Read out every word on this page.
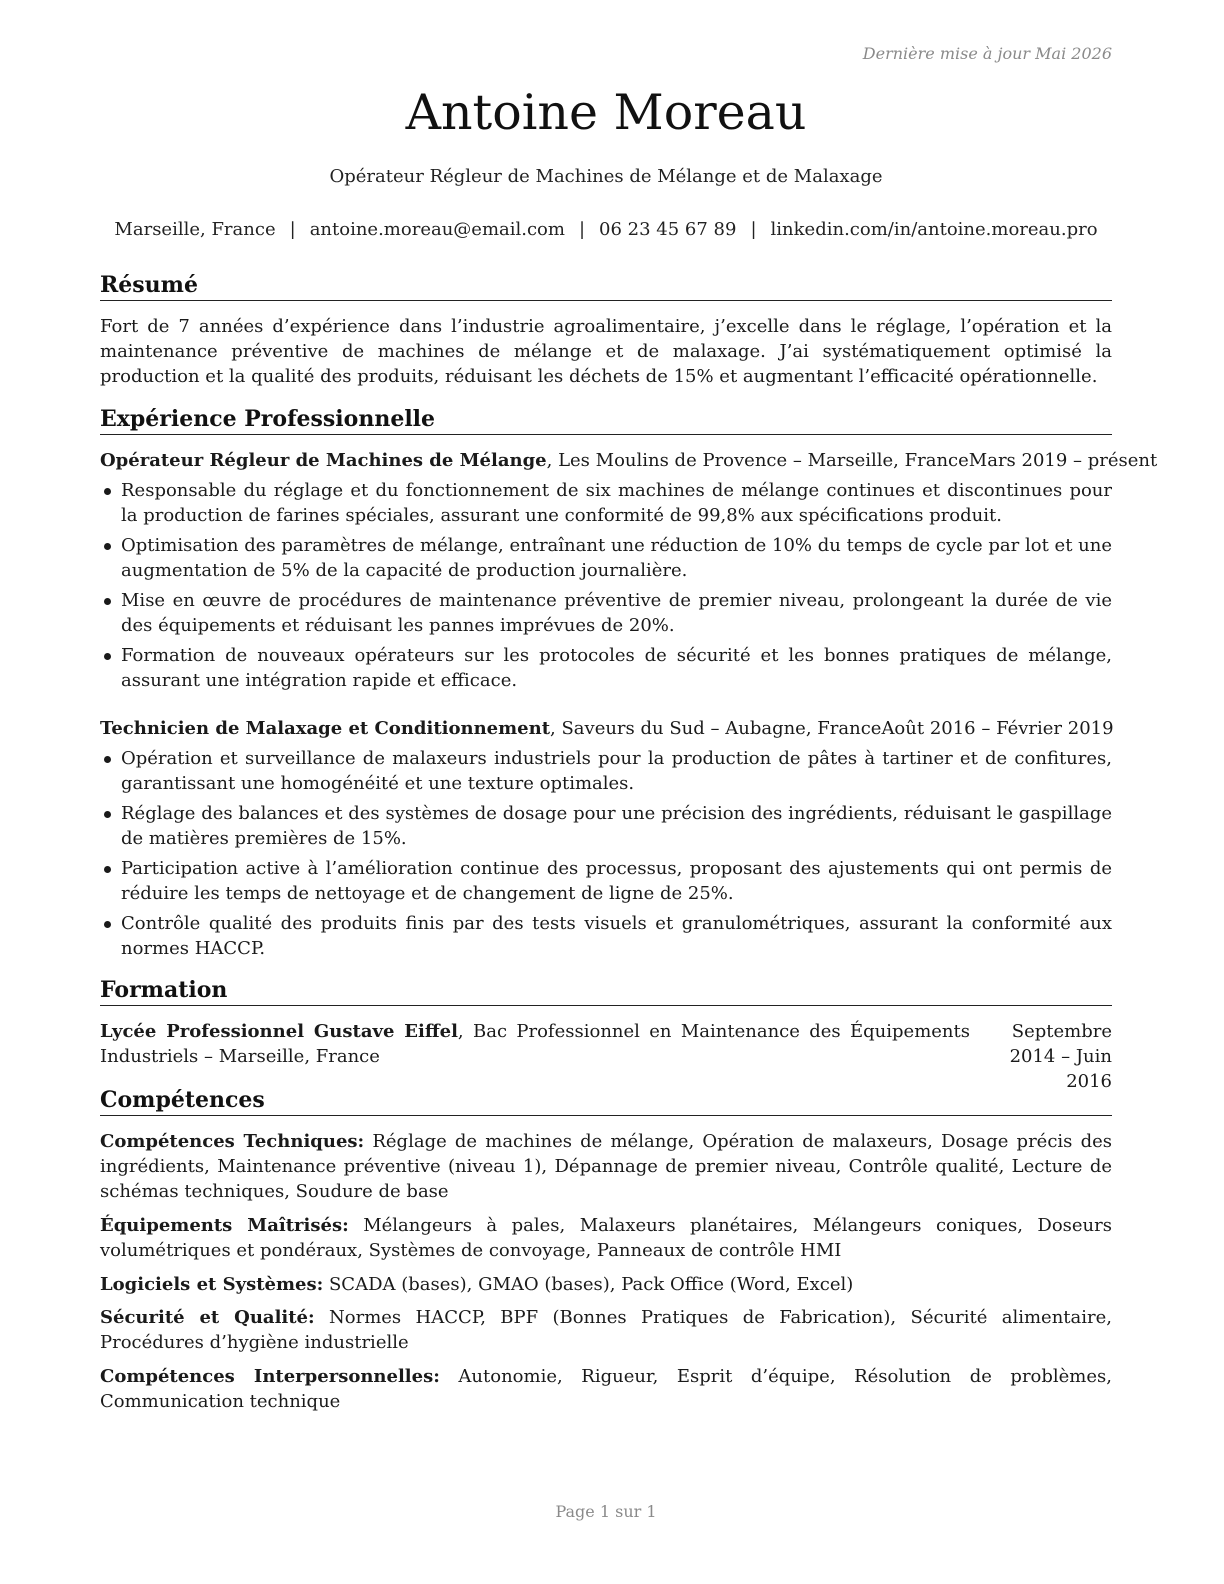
Dernière mise à jour Mai 2026
Antoine Moreau
Opérateur Régleur de Machines de Mélange et de Malaxage
Marseille, France | antoine.moreau@email.com | 06 23 45 67 89 | linkedin.com/in/antoine.moreau.pro
Résumé
Fort de 7 années d’expérience dans l’industrie agroalimentaire, j’excelle dans le réglage, l’opération et la maintenance préventive de machines de mélange et de malaxage. J’ai systématiquement optimisé la production et la qualité des produits, réduisant les déchets de 15% et augmentant l’efficacité opérationnelle.
Expérience Professionnelle
Opérateur Régleur de Machines de Mélange, Les Moulins de Provence – Marseille, France Mars 2019 – présent
Responsable du réglage et du fonctionnement de six machines de mélange continues et discontinues pour la production de farines spéciales, assurant une conformité de 99,8% aux spécifications produit.
Optimisation des paramètres de mélange, entraînant une réduction de 10% du temps de cycle par lot et une augmentation de 5% de la capacité de production journalière.
Mise en œuvre de procédures de maintenance préventive de premier niveau, prolongeant la durée de vie des équipements et réduisant les pannes imprévues de 20%.
Formation de nouveaux opérateurs sur les protocoles de sécurité et les bonnes pratiques de mélange, assurant une intégration rapide et efficace.
Technicien de Malaxage et Conditionnement, Saveurs du Sud – Aubagne, France Août 2016 – Février 2019
Opération et surveillance de malaxeurs industriels pour la production de pâtes à tartiner et de confitures, garantissant une homogénéité et une texture optimales.
Réglage des balances et des systèmes de dosage pour une précision des ingrédients, réduisant le gaspillage de matières premières de 15%.
Participation active à l’amélioration continue des processus, proposant des ajustements qui ont permis de réduire les temps de nettoyage et de changement de ligne de 25%.
Contrôle qualité des produits finis par des tests visuels et granulométriques, assurant la conformité aux normes HACCP.
Formation
Lycée Professionnel Gustave Eiffel, Bac Professionnel en Maintenance des Équipements Industriels – Marseille, France
Septembre 2014 – Juin 2016
Compétences
Compétences Techniques: Réglage de machines de mélange, Opération de malaxeurs, Dosage précis des ingrédients, Maintenance préventive (niveau 1), Dépannage de premier niveau, Contrôle qualité, Lecture de schémas techniques, Soudure de base
Équipements Maîtrisés: Mélangeurs à pales, Malaxeurs planétaires, Mélangeurs coniques, Doseurs volumétriques et pondéraux, Systèmes de convoyage, Panneaux de contrôle HMI
Logiciels et Systèmes: SCADA (bases), GMAO (bases), Pack Office (Word, Excel)
Sécurité et Qualité: Normes HACCP, BPF (Bonnes Pratiques de Fabrication), Sécurité alimentaire, Procédures d’hygiène industrielle
Compétences Interpersonnelles: Autonomie, Rigueur, Esprit d’équipe, Résolution de problèmes, Communication technique
Page 1 sur 1
